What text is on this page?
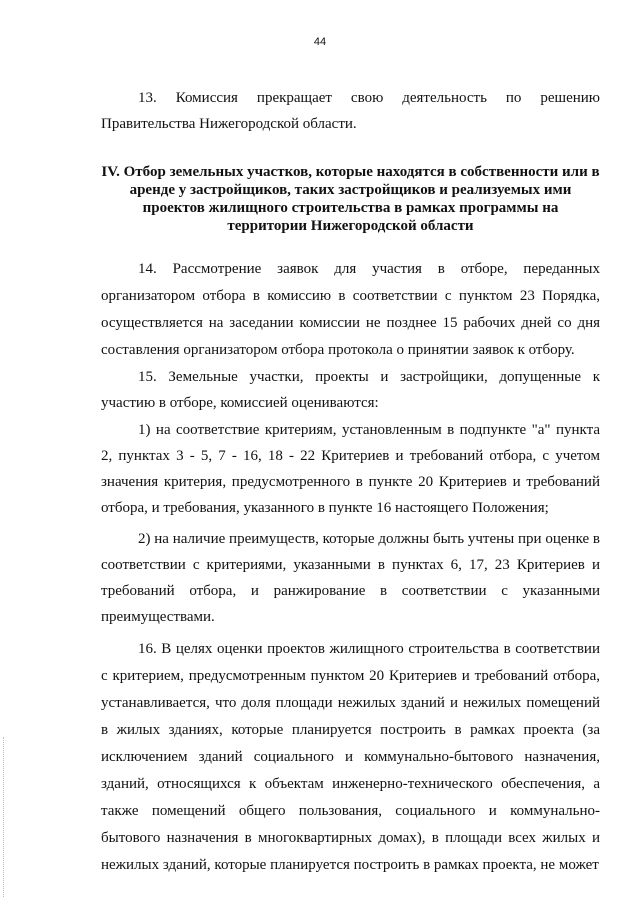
44

13. Комиссия прекращает свою деятельность по решению Правительства Нижегородской области.

IV. Отбор земельных участков, которые находятся в собственности или в аренде у застройщиков, таких застройщиков и реализуемых ими проектов жилищного строительства в рамках программы на территории Нижегородской области

14. Рассмотрение заявок для участия в отборе, переданных организатором отбора в комиссию в соответствии с пунктом 23 Порядка, осуществляется на заседании комиссии не позднее 15 рабочих дней со дня составления организатором отбора протокола о принятии заявок к отбору.

15. Земельные участки, проекты и застройщики, допущенные к участию в отборе, комиссией оцениваются:

1) на соответствие критериям, установленным в подпункте "а" пункта 2, пунктах 3 - 5, 7 - 16, 18 - 22 Критериев и требований отбора, с учетом значения критерия, предусмотренного в пункте 20 Критериев и требований отбора, и требования, указанного в пункте 16 настоящего Положения;

2) на наличие преимуществ, которые должны быть учтены при оценке в соответствии с критериями, указанными в пунктах 6, 17, 23 Критериев и требований отбора, и ранжирование в соответствии с указанными преимуществами.

16. В целях оценки проектов жилищного строительства в соответствии с критерием, предусмотренным пунктом 20 Критериев и требований отбора, устанавливается, что доля площади нежилых зданий и нежилых помещений в жилых зданиях, которые планируется построить в рамках проекта (за исключением зданий социального и коммунально-бытового назначения, зданий, относящихся к объектам инженерно-технического обеспечения, а также помещений общего пользования, социального и коммунально-бытового назначения в многоквартирных домах), в площади всех жилых и нежилых зданий, которые планируется построить в рамках проекта, не может
